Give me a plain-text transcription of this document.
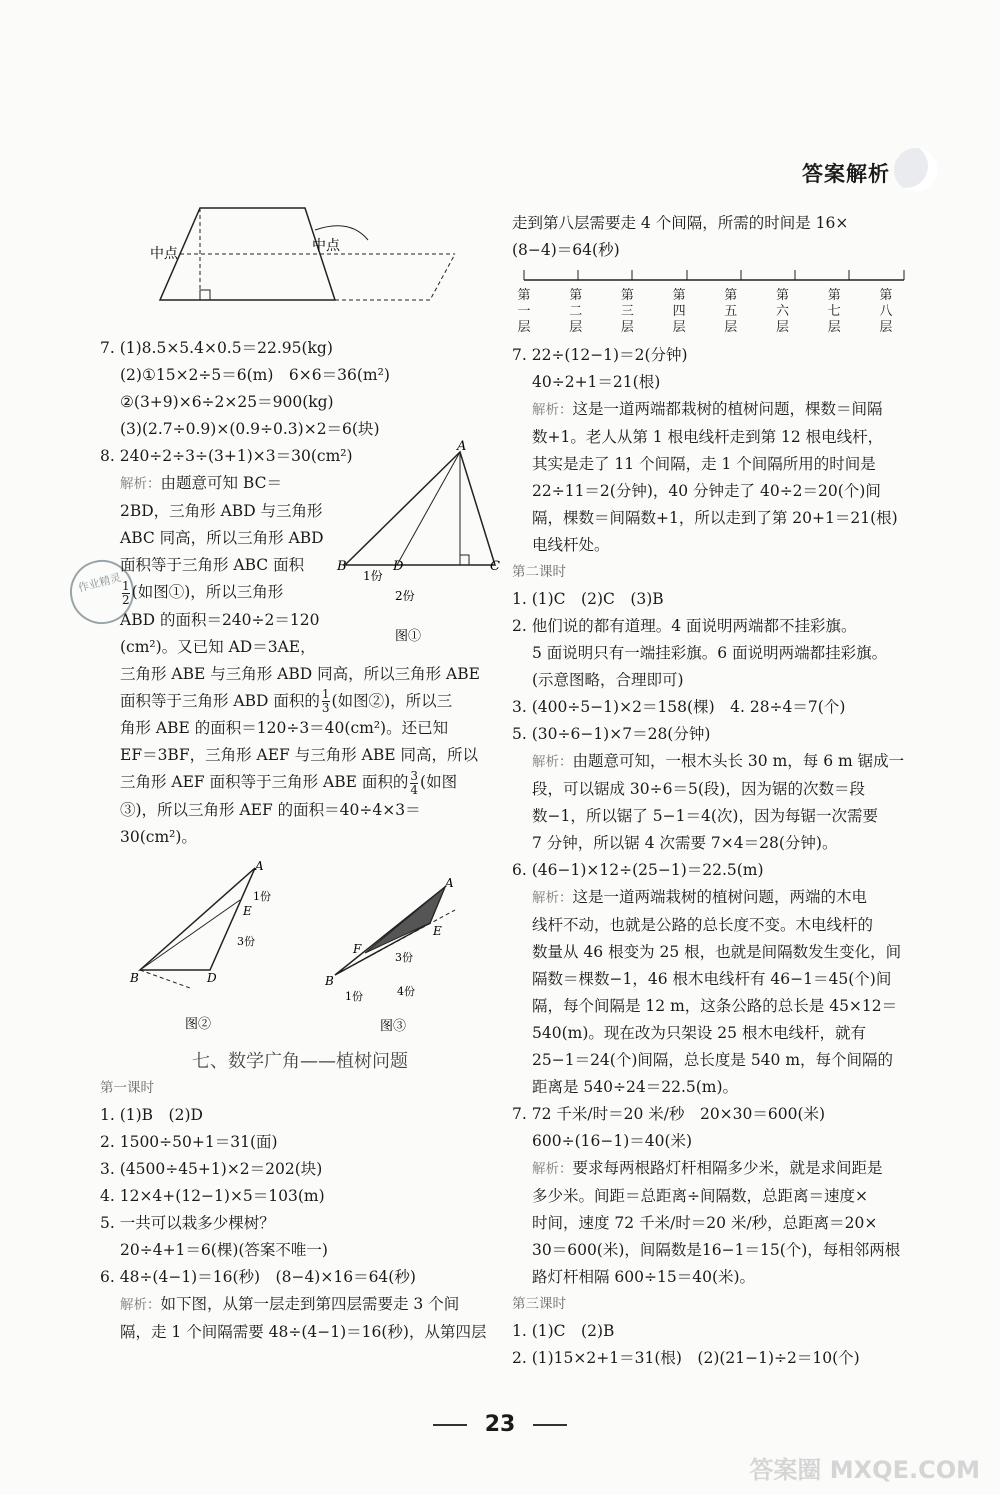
答案解析
中点	中点
A
B	C
D
1份
2份
图①
作业精灵
7. (1)8.5×5.4×0.5＝22.95(kg)
(2)①15×2÷5＝6(m)　6×6＝36(m²)
②(3+9)×6÷2×25＝900(kg)
(3)(2.7÷0.9)×(0.9÷0.3)×2＝6(块)
8. 240÷2÷3÷(3+1)×3＝30(cm²)
解析：由题意可知 BC＝
2BD，三角形 ABD 与三角形
ABC 同高，所以三角形 ABD
面积等于三角形 ABC 面积
$\frac{1}{2}$ (如图①)，所以三角形
ABD 的面积＝240÷2＝120
(cm²)。又已知 AD＝3AE，
三角形 ABE 与三角形 ABD 同高，所以三角形 ABE
面积等于三角形 ABD 面积的 $\frac{1}{3}$ (如图②)，所以三
角形 ABE 的面积＝120÷3＝40(cm²)。还已知
EF＝3BF，三角形 AEF 与三角形 ABE 同高，所以
三角形 AEF 面积等于三角形 ABE 面积的 $\frac{3}{4}$ (如图
③)，所以三角形 AEF 的面积＝40÷4×3＝
30(cm²)。
A
B	D
E
1份
3份
图②
A
B
E
F
1份
3份
4份
图③
七、数学广角——植树问题
第一课时
1. (1)B　(2)D
2. 1500÷50+1＝31(面)
3. (4500÷45+1)×2＝202(块)
4. 12×4+(12−1)×5＝103(m)
5. 一共可以栽多少棵树？
20÷4+1＝6(棵)(答案不唯一)
6. 48÷(4−1)＝16(秒)　(8−4)×16＝64(秒)
解析：如下图，从第一层走到第四层需要走 3 个间
隔，走 1 个间隔需要 48÷(4−1)＝16(秒)，从第四层
走到第八层需要走 4 个间隔，所需的时间是 16×
(8−4)＝64(秒)
第
一
层
第
二
层
第
三
层
第
四
层
第
五
层
第
六
层
第
七
层
第
八
层
7. 22÷(12−1)＝2(分钟)
40÷2+1＝21(根)
解析：这是一道两端都栽树的植树问题，棵数＝间隔
数+1。老人从第 1 根电线杆走到第 12 根电线杆，
其实是走了 11 个间隔，走 1 个间隔所用的时间是
22÷11＝2(分钟)，40 分钟走了 40÷2＝20(个)间
隔，棵数＝间隔数+1，所以走到了第 20+1＝21(根)
电线杆处。
第二课时
1. (1)C　(2)C　(3)B
2. 他们说的都有道理。4 面说明两端都不挂彩旗。
5 面说明只有一端挂彩旗。6 面说明两端都挂彩旗。
(示意图略，合理即可)
3. (400÷5−1)×2＝158(棵)　4. 28÷4＝7(个)
5. (30÷6−1)×7＝28(分钟)
解析：由题意可知，一根木头长 30 m，每 6 m 锯成一
段，可以锯成 30÷6＝5(段)，因为锯的次数＝段
数−1，所以锯了 5−1＝4(次)，因为每锯一次需要
7 分钟，所以锯 4 次需要 7×4＝28(分钟)。
6. (46−1)×12÷(25−1)＝22.5(m)
解析：这是一道两端栽树的植树问题，两端的木电
线杆不动，也就是公路的总长度不变。木电线杆的
数量从 46 根变为 25 根，也就是间隔数发生变化，间
隔数＝棵数−1，46 根木电线杆有 46−1＝45(个)间
隔，每个间隔是 12 m，这条公路的总长是 45×12＝
540(m)。现在改为只架设 25 根木电线杆，就有
25−1＝24(个)间隔，总长度是 540 m，每个间隔的
距离是 540÷24＝22.5(m)。
7. 72 千米/时＝20 米/秒　20×30＝600(米)
600÷(16−1)＝40(米)
解析：要求每两根路灯杆相隔多少米，就是求间距是
多少米。间距＝总距离÷间隔数，总距离＝速度×
时间，速度 72 千米/时＝20 米/秒，总距离＝20×
30＝600(米)，间隔数是16−1＝15(个)，每相邻两根
路灯杆相隔 600÷15＝40(米)。
第三课时
1. (1)C　(2)B
2. (1)15×2+1＝31(根)　(2)(21−1)÷2＝10(个)
23
答案圈 MXQE.COM
